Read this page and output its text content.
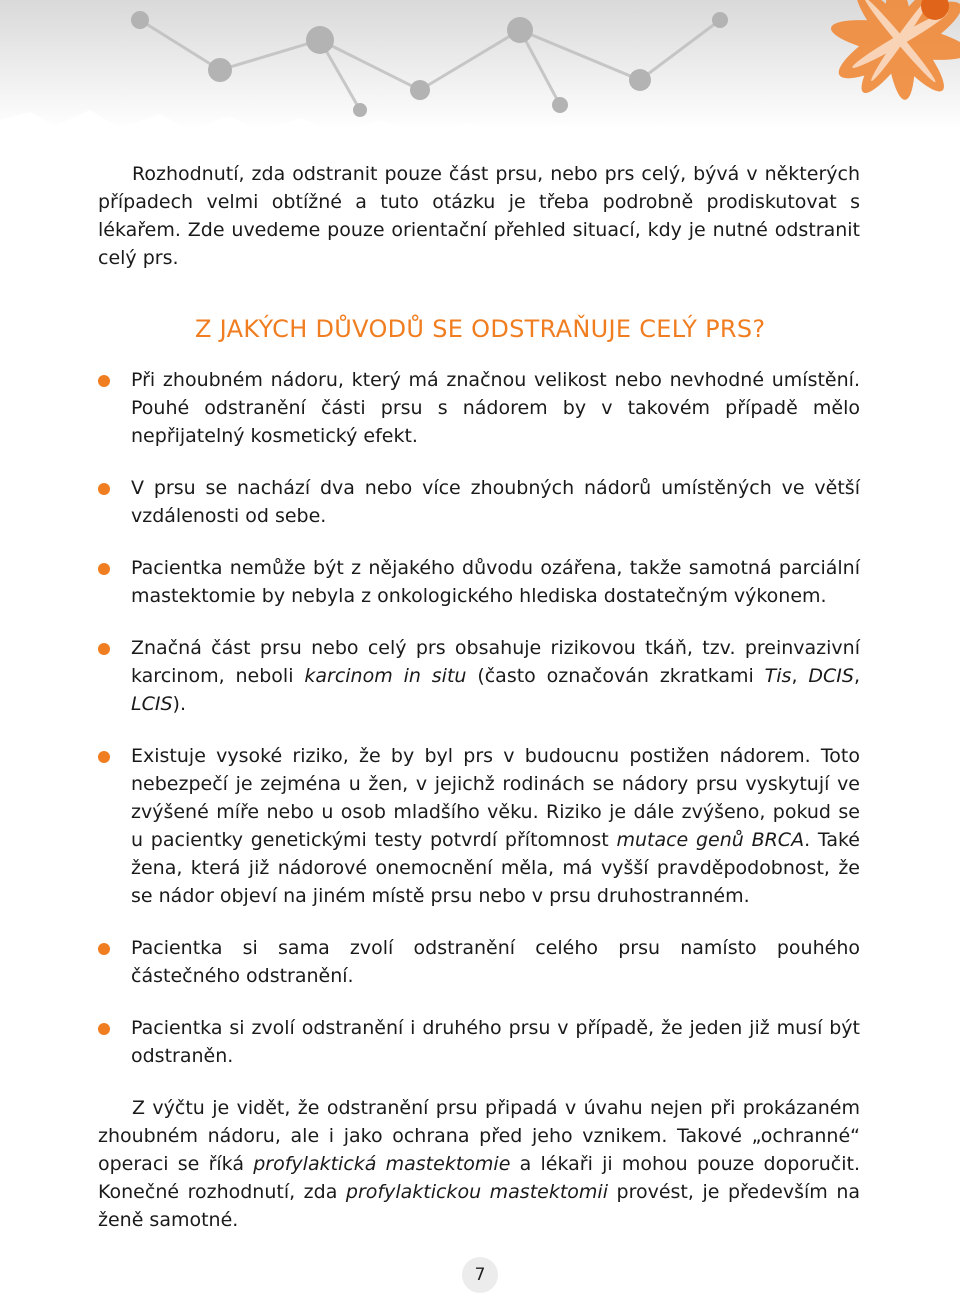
Rozhodnutí, zda odstranit pouze část prsu, nebo prs celý, bývá v některých případech velmi obtížné a tuto otázku je třeba podrobně prodiskutovat s lékařem. Zde uvedeme pouze orientační přehled situací, kdy je nutné odstranit celý prs.

Z JAKÝCH DŮVODŮ SE ODSTRAŇUJE CELÝ PRS?
Při zhoubném nádoru, který má značnou velikost nebo nevhodné umístění. Pouhé odstranění části prsu s nádorem by v takovém případě mělo nepřijatelný kosmetický efekt.
V prsu se nachází dva nebo více zhoubných nádorů umístěných ve větší vzdálenosti od sebe.
Pacientka nemůže být z nějakého důvodu ozářena, takže samotná parciální mastektomie by nebyla z onkologického hlediska dostatečným výkonem.
Značná část prsu nebo celý prs obsahuje rizikovou tkáň, tzv. preinvazivní karcinom, neboli karcinom in situ (často označován zkratkami Tis, DCIS, LCIS).
Existuje vysoké riziko, že by byl prs v budoucnu postižen nádorem. Toto nebezpečí je zejména u žen, v jejichž rodinách se nádory prsu vyskytují ve zvýšené míře nebo u osob mladšího věku. Riziko je dále zvýšeno, pokud se u pacientky genetickými testy potvrdí přítomnost mutace genů BRCA. Také žena, která již nádorové onemocnění měla, má vyšší pravděpodobnost, že se nádor objeví na jiném místě prsu nebo v prsu druhostranném.
Pacientka si sama zvolí odstranění celého prsu namísto pouhého částečného odstranění.
Pacientka si zvolí odstranění i druhého prsu v případě, že jeden již musí být odstraněn.

Z výčtu je vidět, že odstranění prsu připadá v úvahu nejen při prokázaném zhoubném nádoru, ale i jako ochrana před jeho vznikem. Takové „ochranné“ operaci se říká profylaktická mastektomie a lékaři ji mohou pouze doporučit. Konečné rozhodnutí, zda profylaktickou mastektomii provést, je především na ženě samotné.

7
